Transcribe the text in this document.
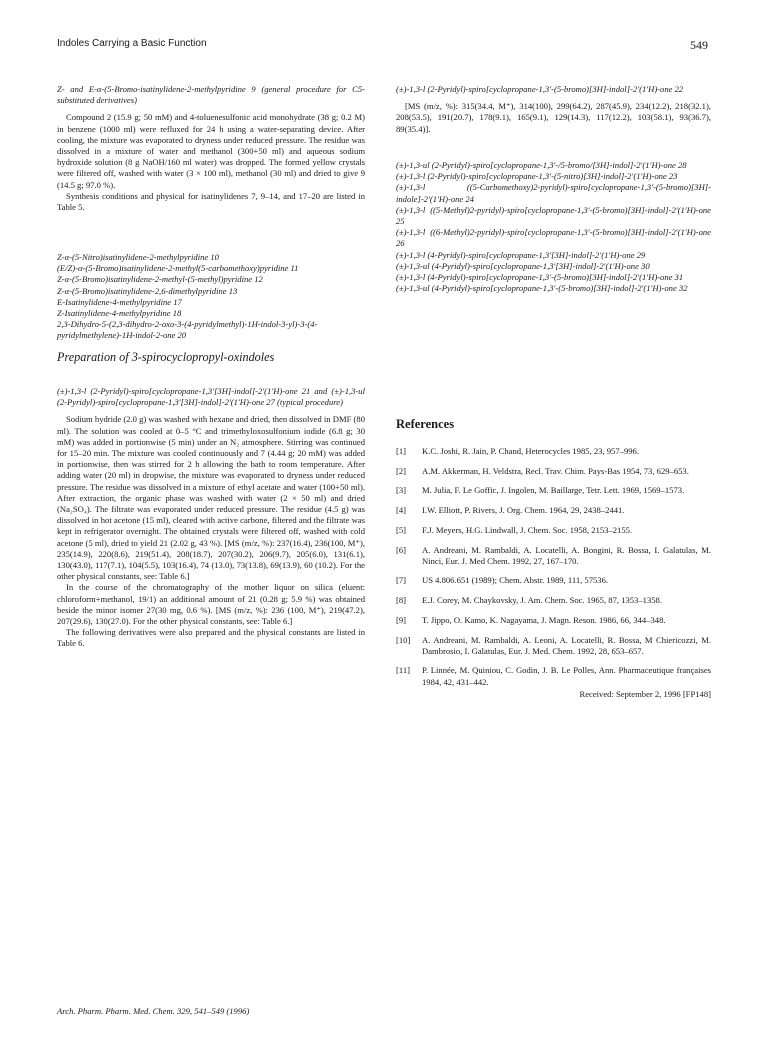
Indoles Carrying a Basic Function	549

Z- and E-α-(5-Bromo-isatinylidene-2-methylpyridine 9 (general procedure for C5-substituted derivatives)

Compound 2 (15.9 g; 50 mM) and 4-toluenesulfonic acid monohydrate (38 g; 0.2 M) in benzene (1000 ml) were refluxed for 24 h using a water-separating device. After cooling, the mixture was evaporated to dryness under reduced pressure. The residue was dissolved in a mixture of water and methanol (300+50 ml) and aqueous sodium hydroxide solution (8 g NaOH/160 ml water) was dropped. The formed yellow crystals were filtered off, washed with water (3 × 100 ml), methanol (30 ml) and dried to give 9 (14.5 g; 97.0 %).

Synthesis conditions and physical for isatinylidenes 7, 9–14, and 17–20 are listed in Table 5.

Z-α-(5-Nitro)isatinylidene-2-methylpyridine 10

(E/Z)-α-(5-Bromo)isatinylidene-2-methyl(5-carbomethoxy)pyridine 11

Z-α-(5-Bromo)isatinylidene-2-methyl-(5-methyl)pyridine 12

Z-α-(5-Bromo)isatinylidene-2,6-dimethylpyridine 13

E-Isatinylidene-4-methylpyridine 17

Z-Isatinylidene-4-methylpyridine 18

2,3-Dihydro-5-(2,3-dihydro-2-oxo-3-(4-pyridylmethyl)-1H-indol-3-yl)-3-(4-pyridylmethylene)-1H-indol-2-one 20

Preparation of 3-spirocyclopropyl-oxindoles

(±)-1,3-l (2-Pyridyl)-spiro[cyclopropane-1,3′[3H]-indol]-2′(1′H)-one 21 and (±)-1,3-ul (2-Pyridyl)-spiro[cyclopropane-1,3′[3H]-indol]-2′(1′H)-one 27 (typical procedure)

Sodium hydride (2.0 g) was washed with hexane and dried, then dissolved in DMF (80 ml). The solution was cooled at 0–5 °C and trimethyloxosulfonium iodide (6.8 g; 30 mM) was added in portionwise (5 min) under an N₂ atmosphere. Stirring was continued for 15–20 min. The mixture was cooled continuously and 7 (4.44 g; 20 mM) was added in portionwise, then was stirred for 2 h allowing the bath to room temperature. After adding water (20 ml) in dropwise, the mixture was evaporated to dryness under reduced pressure. The residue was dissolved in a mixture of ethyl acetate and water (100+50 ml). After extraction, the organic phase was washed with water (2 × 50 ml) and dried (Na₂SO₄). The filtrate was evaporated under reduced pressure. The residue (4.5 g) was dissolved in hot acetone (15 ml), cleared with active carbone, filtered and the filtrate was kept in refrigerator overnight. The obtained crystals were filtered off, washed with cold acetone (5 ml), dried to yield 21 (2.02 g, 43 %). [MS (m/z, %): 237(16.4), 236(100, M⁺), 235(14.9), 220(8.6), 219(51.4), 208(18.7), 207(30.2), 206(9.7), 205(6.0), 131(6.1), 130(43.0), 117(7.1), 104(5.5), 103(16.4), 74 (13.0), 73(13.8), 69(13.9), 60 (10.2). For the other physical constants, see: Table 6.]

In the course of the chromatography of the mother liquor on silica (eluent: chloroform+methanol, 19/1) an additional amount of 21 (0.28 g; 5.9 %) was obtained beside the minor isomer 27(30 mg, 0.6 %). [MS (m/z, %): 236 (100, M⁺), 219(47.2), 207(29.6), 130(27.0). For the other physical constants, see: Table 6.]

The following derivatives were also prepared and the physical constants are listed in Table 6.

(±)-1,3-l (2-Pyridyl)-spiro[cyclopropane-1,3′-(5-bromo)[3H]-indol]-2′(1′H)-one 22

[MS (m/z, %): 315(34.4, M⁺), 314(100), 299(64.2), 287(45.9), 234(12.2), 218(32.1), 208(53.5), 191(20.7), 178(9.1), 165(9.1), 129(14.3), 117(12.2), 103(58.1), 93(36.7), 89(35.4)].

(±)-1,3-ul (2-Pyridyl)-spiro[cyclopropane-1,3′-/5-bromo/[3H]-indol]-2′(1′H)-one 28

(±)-1,3-l (2-Pyridyl)-spiro[cyclopropane-1,3′-(5-nitro)[3H]-indol]-2′(1′H)-one 23

(±)-1,3-l ((5-Carbomethoxy)2-pyridyl)-spiro[cyclopropane-1,3′-(5-bromo)[3H]-indole]-2′(1′H)-one 24

(±)-1,3-l ((5-Methyl)2-pyridyl)-spiro[cyclopropane-1,3′-(5-bromo)[3H]-indol]-2′(1′H)-one 25

(±)-1,3-l ((6-Methyl)2-pyridyl)-spiro[cyclopropane-1,3′-(5-bromo)[3H]-indol]-2′(1′H)-one 26

(±)-1,3-l (4-Pyridyl)-spiro[cyclopropane-1,3′[3H]-indol]-2′(1′H)-one 29

(±)-1,3-ul (4-Pyridyl)-spiro[cyclopropane-1,3′[3H]-indol]-2′(1′H)-one 30

(±)-1,3-l (4-Pyridyl)-spiro[cyclopropane-1,3′-(5-bromo)[3H]-indol]-2′(1′H)-one 31

(±)-1,3-ul (4-Pyridyl)-spiro[cyclopropane-1,3′-(5-bromo)[3H]-indol]-2′(1′H)-one 32

References
[1]	K.C. Joshi, R. Jain, P. Chand, Heterocycles 1985, 23, 957–996.
[2]	A.M. Akkerman, H. Veldstra, Recl. Trav. Chim. Pays-Bas 1954, 73, 629–653.
[3]	M. Julia, F. Le Goffic, J. Ingolen, M. Baillarge, Tetr. Lett. 1969, 1569–1573.
[4]	I.W. Elliott, P. Rivers, J. Org. Chem. 1964, 29, 2438–2441.
[5]	F.J. Meyers, H.G. Lindwall, J. Chem. Soc. 1958, 2153–2155.
[6]	A. Andreani, M. Rambaldi, A. Locatelli, A. Bongini, R. Bossa, I. Galatulas, M. Ninci, Eur. J. Med Chem. 1992, 27, 167–170.
[7]	US 4.806.651 (1989); Chem. Abstr. 1989, 111, 57536.
[8]	E.J. Corey, M. Chaykovsky, J. Am. Chem. Soc. 1965, 87, 1353–1358.
[9]	T. Jippo, O. Kamo, K. Nagayama, J. Magn. Reson. 1986, 66, 344–348.
[10]	A. Andreani, M. Rambaldi, A. Leoni, A. Locatelli, R. Bossa, M Chiericozzi, M. Dambrosio, I. Galatulas, Eur. J. Med. Chem. 1992, 28, 653–657.
[11]	P. Linnée, M. Quiniou, C. Godin, J. B. Le Polles, Ann. Pharmaceutique françaises 1984, 42, 431–442.
Received: September 2, 1996 [FP148]
Arch. Pharm. Pharm. Med. Chem. 329, 541–549 (1996)
